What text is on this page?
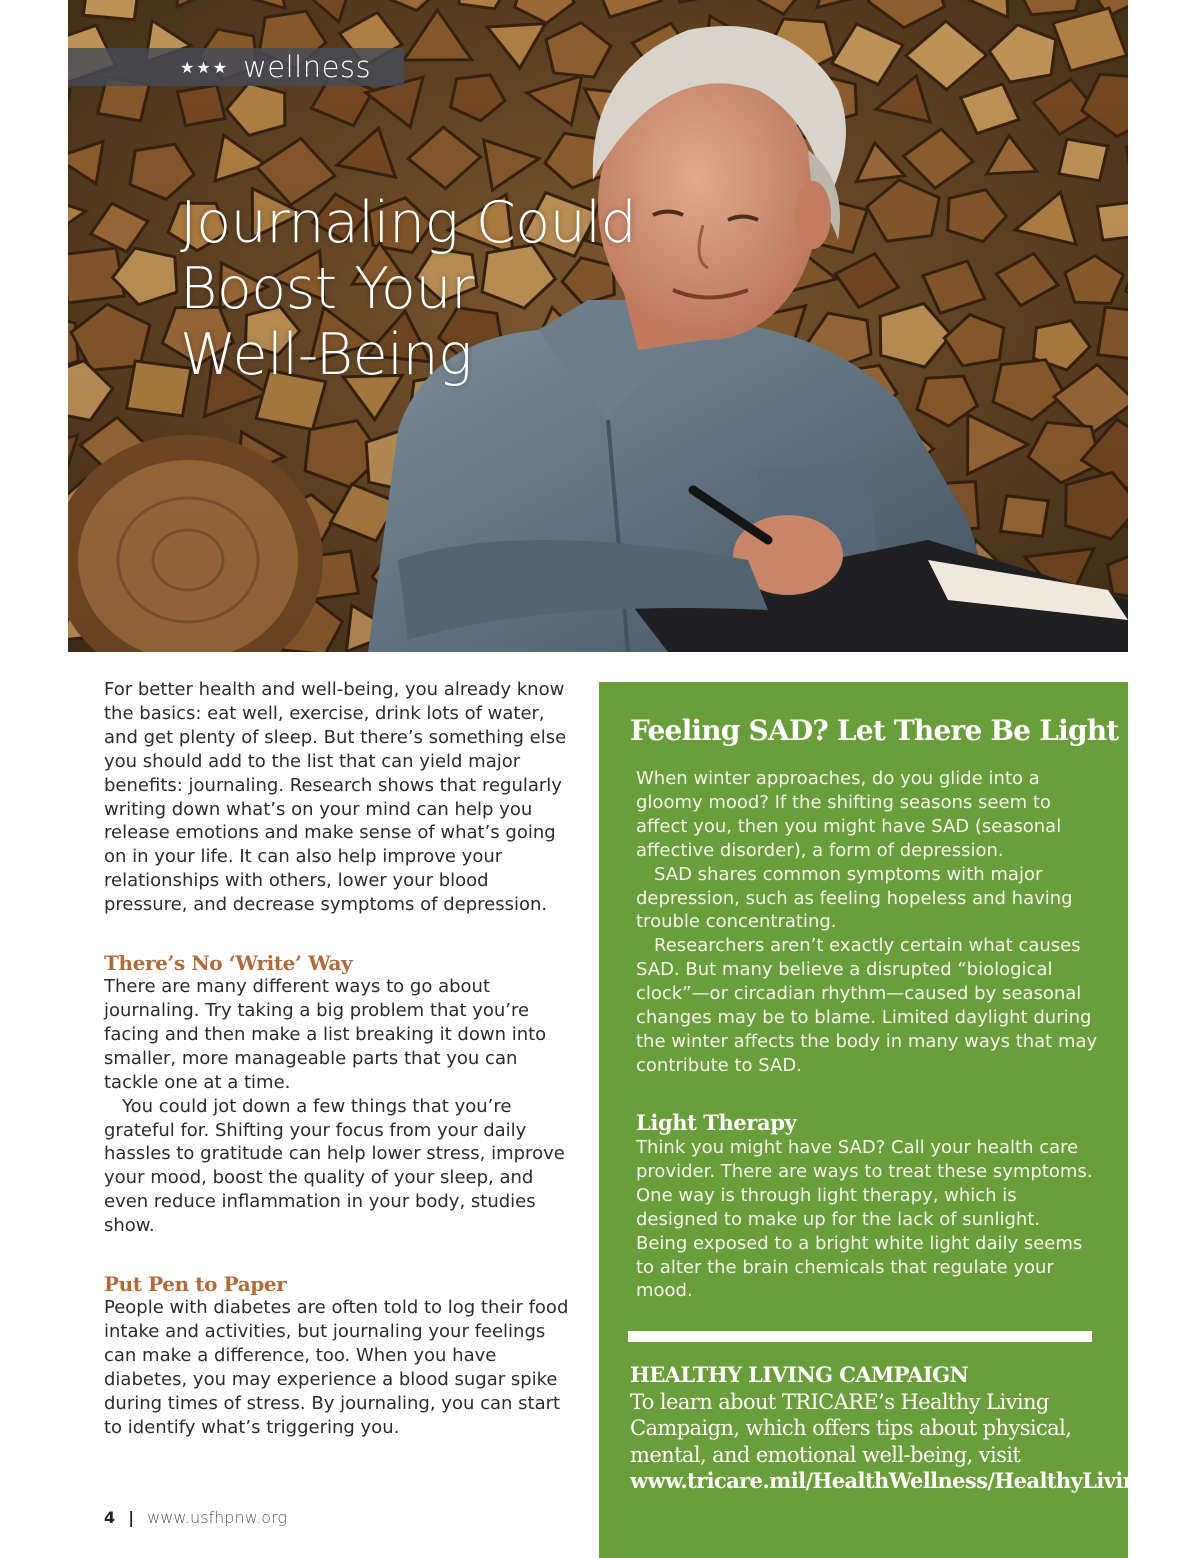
★★★ wellness
Journaling Could
Boost Your
Well-Being

For better health and well-being, you already know the basics: eat well, exercise, drink lots of water, and get plenty of sleep. But there’s something else you should add to the list that can yield major benefits: journaling. Research shows that regularly writing down what’s on your mind can help you release emotions and make sense of what’s going on in your life. It can also help improve your relationships with others, lower your blood pressure, and decrease symptoms of depression.

There’s No ‘Write’ Way

There are many different ways to go about journaling. Try taking a big problem that you’re facing and then make a list breaking it down into smaller, more manageable parts that you can tackle one at a time.

You could jot down a few things that you’re grateful for. Shifting your focus from your daily hassles to gratitude can help lower stress, improve your mood, boost the quality of your sleep, and even reduce inflammation in your body, studies show.

Put Pen to Paper

People with diabetes are often told to log their food intake and activities, but journaling your feelings can make a difference, too. When you have diabetes, you may experience a blood sugar spike during times of stress. By journaling, you can start to identify what’s triggering you.

Feeling SAD? Let There Be Light

When winter approaches, do you glide into a gloomy mood? If the shifting seasons seem to affect you, then you might have SAD (seasonal affective disorder), a form of depression.

SAD shares common symptoms with major depression, such as feeling hopeless and having trouble concentrating.

Researchers aren’t exactly certain what causes SAD. But many believe a disrupted “biological clock”—or circadian rhythm—caused by seasonal changes may be to blame. Limited daylight during the winter affects the body in many ways that may contribute to SAD.

Light Therapy

Think you might have SAD? Call your health care provider. There are ways to treat these symptoms. One way is through light therapy, which is designed to make up for the lack of sunlight. Being exposed to a bright white light daily seems to alter the brain chemicals that regulate your mood.

HEALTHY LIVING CAMPAIGN
To learn about TRICARE’s Healthy Living Campaign, which offers tips about physical, mental, and emotional well-being, visit
www.tricare.mil/HealthWellness/HealthyLiving.
4 | www.usfhpnw.org
